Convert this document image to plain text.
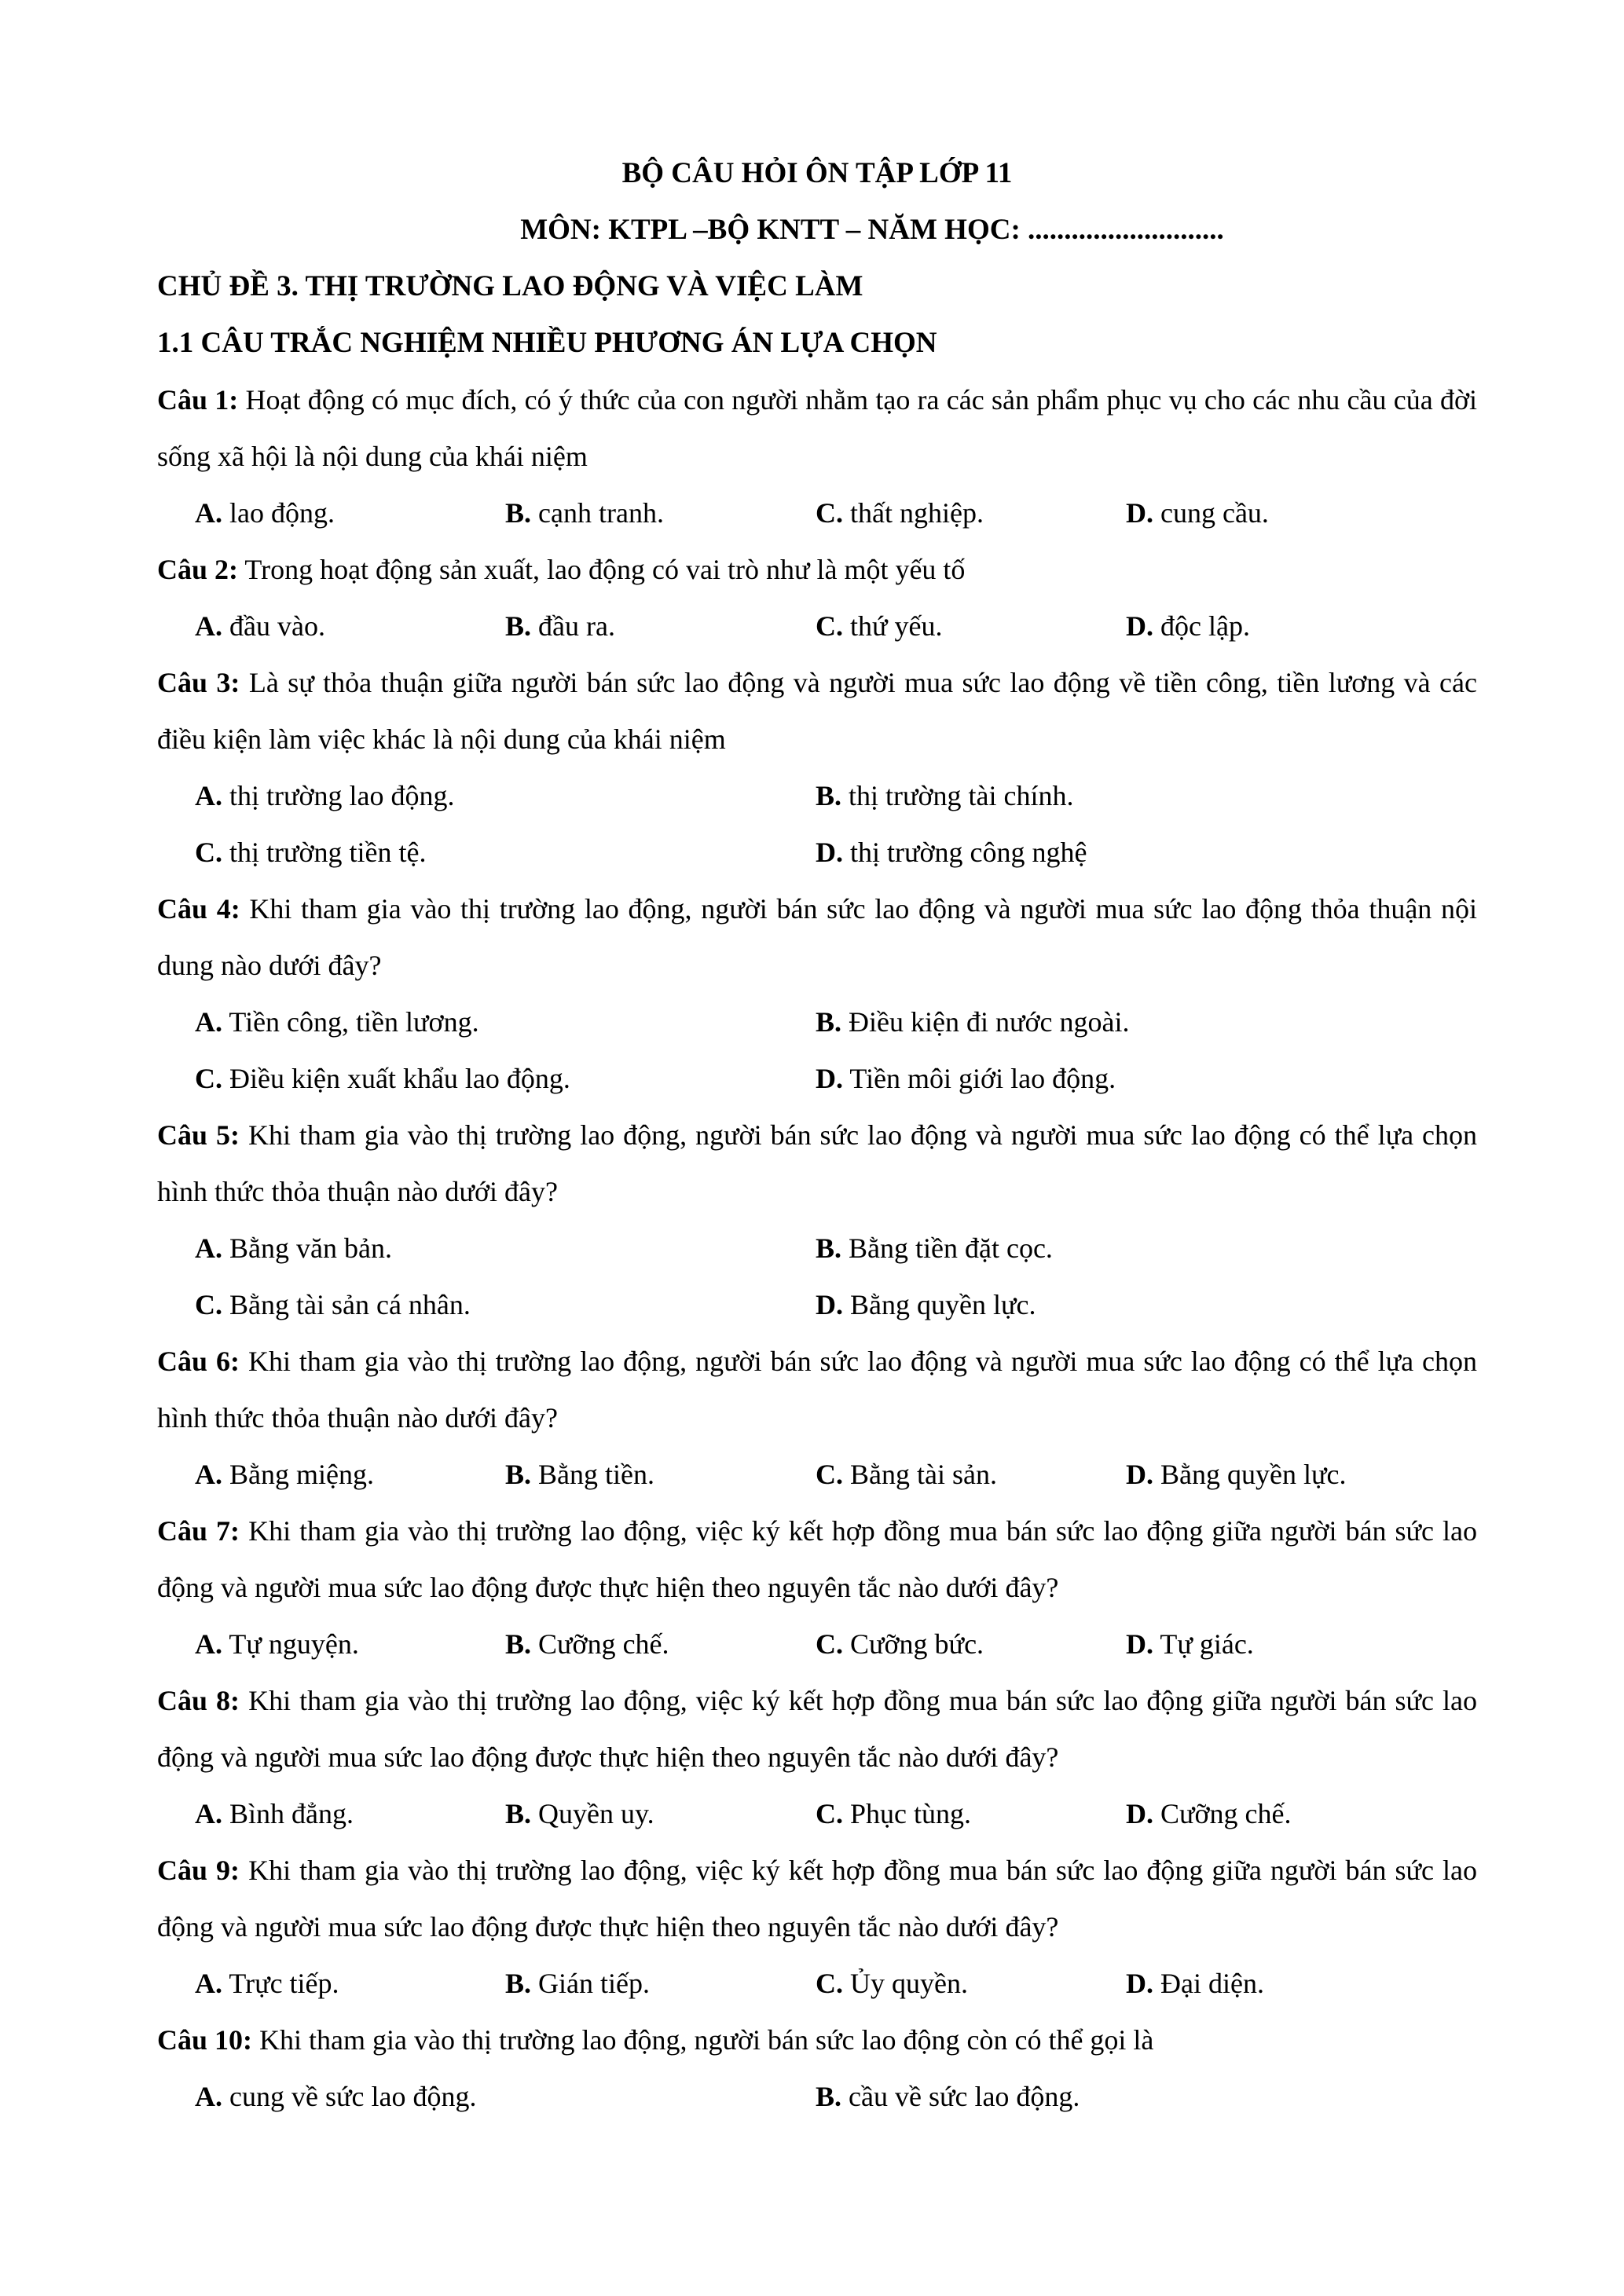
BỘ CÂU HỎI ÔN TẬP LỚP 11
MÔN: KTPL –BỘ KNTT – NĂM HỌC: ...........................
CHỦ ĐỀ 3. THỊ TRƯỜNG LAO ĐỘNG VÀ VIỆC LÀM
1.1 CÂU TRẮC NGHIỆM NHIỀU PHƯƠNG ÁN LỰA CHỌN
Câu 1: Hoạt động có mục đích, có ý thức của con người nhằm tạo ra các sản phẩm phục vụ cho các nhu cầu của đời sống xã hội là nội dung của khái niệm
A. lao động.	B. cạnh tranh.	C. thất nghiệp.	D. cung cầu.
Câu 2: Trong hoạt động sản xuất, lao động có vai trò như là một yếu tố
A. đầu vào.	B. đầu ra.	C. thứ yếu.	D. độc lập.
Câu 3: Là sự thỏa thuận giữa người bán sức lao động và người mua sức lao động về tiền công, tiền lương và các điều kiện làm việc khác là nội dung của khái niệm
A. thị trường lao động.	B. thị trường tài chính.
C. thị trường tiền tệ.	D. thị trường công nghệ
Câu 4: Khi tham gia vào thị trường lao động, người bán sức lao động và người mua sức lao động thỏa thuận nội dung nào dưới đây?
A. Tiền công, tiền lương.	B. Điều kiện đi nước ngoài.
C. Điều kiện xuất khẩu lao động.	D. Tiền môi giới lao động.
Câu 5: Khi tham gia vào thị trường lao động, người bán sức lao động và người mua sức lao động có thể lựa chọn hình thức thỏa thuận nào dưới đây?
A. Bằng văn bản.	B. Bằng tiền đặt cọc.
C. Bằng tài sản cá nhân.	D. Bằng quyền lực.
Câu 6: Khi tham gia vào thị trường lao động, người bán sức lao động và người mua sức lao động có thể lựa chọn hình thức thỏa thuận nào dưới đây?
A. Bằng miệng.	B. Bằng tiền.	C. Bằng tài sản.	D. Bằng quyền lực.
Câu 7: Khi tham gia vào thị trường lao động, việc ký kết hợp đồng mua bán sức lao động giữa người bán sức lao động và người mua sức lao động được thực hiện theo nguyên tắc nào dưới đây?
A. Tự nguyện.	B. Cưỡng chế.	C. Cưỡng bức.	D. Tự giác.
Câu 8: Khi tham gia vào thị trường lao động, việc ký kết hợp đồng mua bán sức lao động giữa người bán sức lao động và người mua sức lao động được thực hiện theo nguyên tắc nào dưới đây?
A. Bình đẳng.	B. Quyền uy.	C. Phục tùng.	D. Cưỡng chế.
Câu 9: Khi tham gia vào thị trường lao động, việc ký kết hợp đồng mua bán sức lao động giữa người bán sức lao động và người mua sức lao động được thực hiện theo nguyên tắc nào dưới đây?
A. Trực tiếp.	B. Gián tiếp.	C. Ủy quyền.	D. Đại diện.
Câu 10: Khi tham gia vào thị trường lao động, người bán sức lao động còn có thể gọi là
A. cung về sức lao động.	B. cầu về sức lao động.
